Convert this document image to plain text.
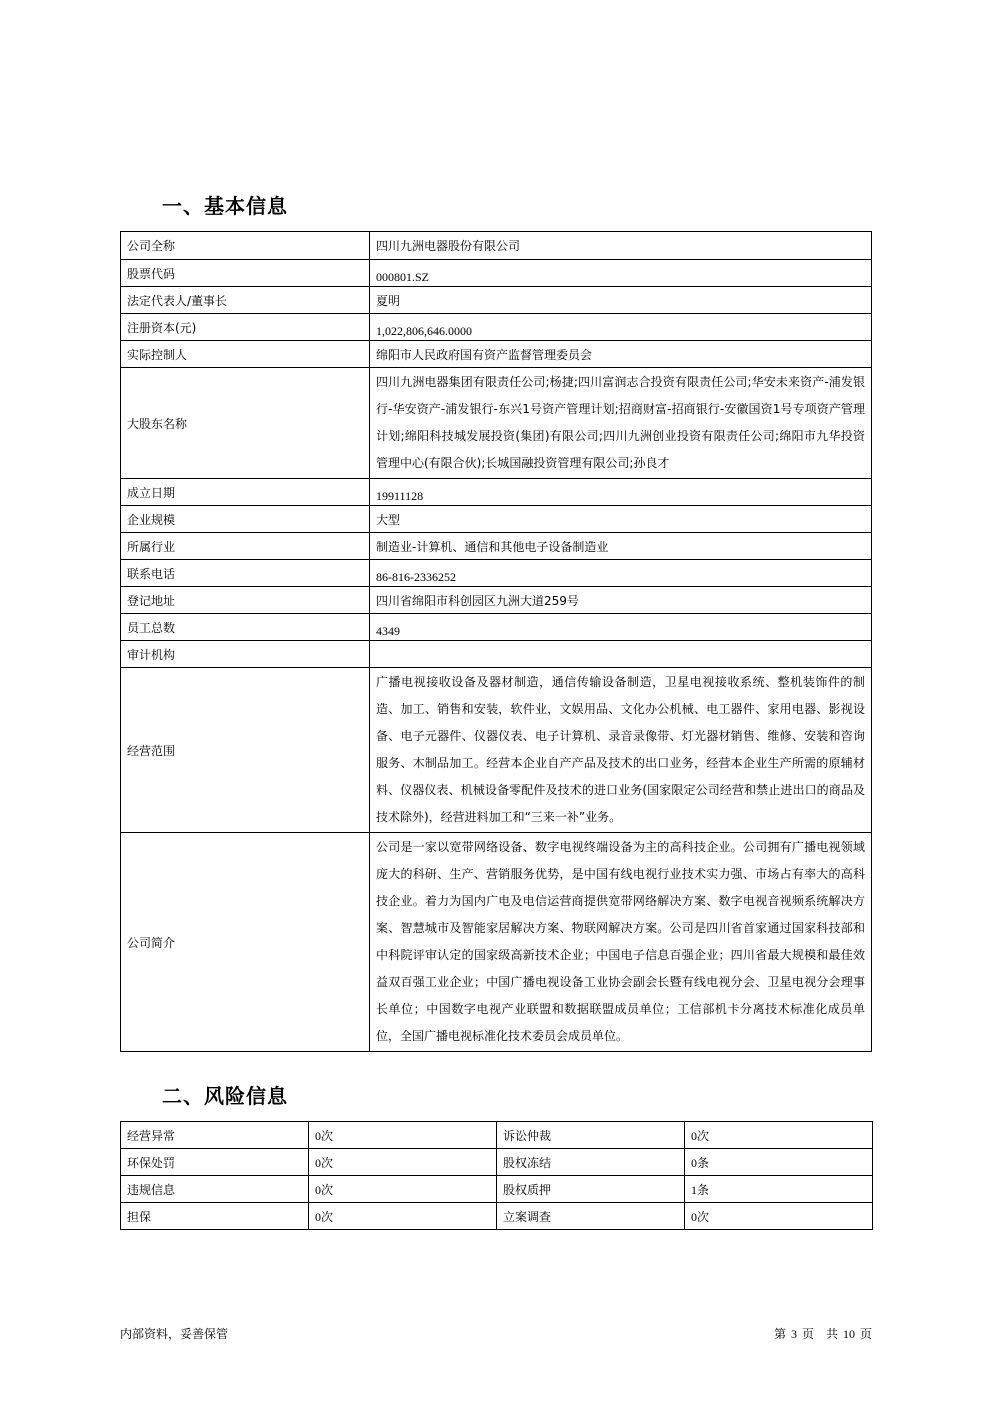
一、基本信息
公司全称	四川九洲电器股份有限公司
股票代码	000801.SZ
法定代表人/董事长	夏明
注册资本(元)	1,022,806,646.0000
实际控制人	绵阳市人民政府国有资产监督管理委员会
大股东名称	四川九洲电器集团有限责任公司;杨捷;四川富润志合投资有限责任公司;华安未来资产-浦发银行-华安资产-浦发银行-东兴1号资产管理计划;招商财富-招商银行-安徽国资1号专项资产管理计划;绵阳科技城发展投资(集团)有限公司;四川九洲创业投资有限责任公司;绵阳市九华投资管理中心(有限合伙);长城国融投资管理有限公司;孙良才
成立日期	19911128
企业规模	大型
所属行业	制造业-计算机、通信和其他电子设备制造业
联系电话	86-816-2336252
登记地址	四川省绵阳市科创园区九洲大道259号
员工总数	4349
审计机构	
经营范围	广播电视接收设备及器材制造，通信传输设备制造，卫星电视接收系统、整机装饰件的制造、加工、销售和安装，软件业，文娱用品、文化办公机械、电工器件、家用电器、影视设备、电子元器件、仪器仪表、电子计算机、录音录像带、灯光器材销售、维修、安装和咨询服务、木制品加工。经营本企业自产产品及技术的出口业务，经营本企业生产所需的原辅材料、仪器仪表、机械设备零配件及技术的进口业务(国家限定公司经营和禁止进出口的商品及技术除外)，经营进料加工和“三来一补”业务。
公司简介	公司是一家以宽带网络设备、数字电视终端设备为主的高科技企业。公司拥有广播电视领域庞大的科研、生产、营销服务优势，是中国有线电视行业技术实力强、市场占有率大的高科技企业。着力为国内广电及电信运营商提供宽带网络解决方案、数字电视音视频系统解决方案、智慧城市及智能家居解决方案、物联网解决方案。公司是四川省首家通过国家科技部和中科院评审认定的国家级高新技术企业；中国电子信息百强企业；四川省最大规模和最佳效益双百强工业企业；中国广播电视设备工业协会副会长暨有线电视分会、卫星电视分会理事长单位；中国数字电视产业联盟和数据联盟成员单位；工信部机卡分离技术标准化成员单位，全国广播电视标准化技术委员会成员单位。
二、风险信息
经营异常	0次	诉讼仲裁	0次
环保处罚	0次	股权冻结	0条
违规信息	0次	股权质押	1条
担保	0次	立案调查	0次
内部资料，妥善保管	第 3 页　共 10 页
